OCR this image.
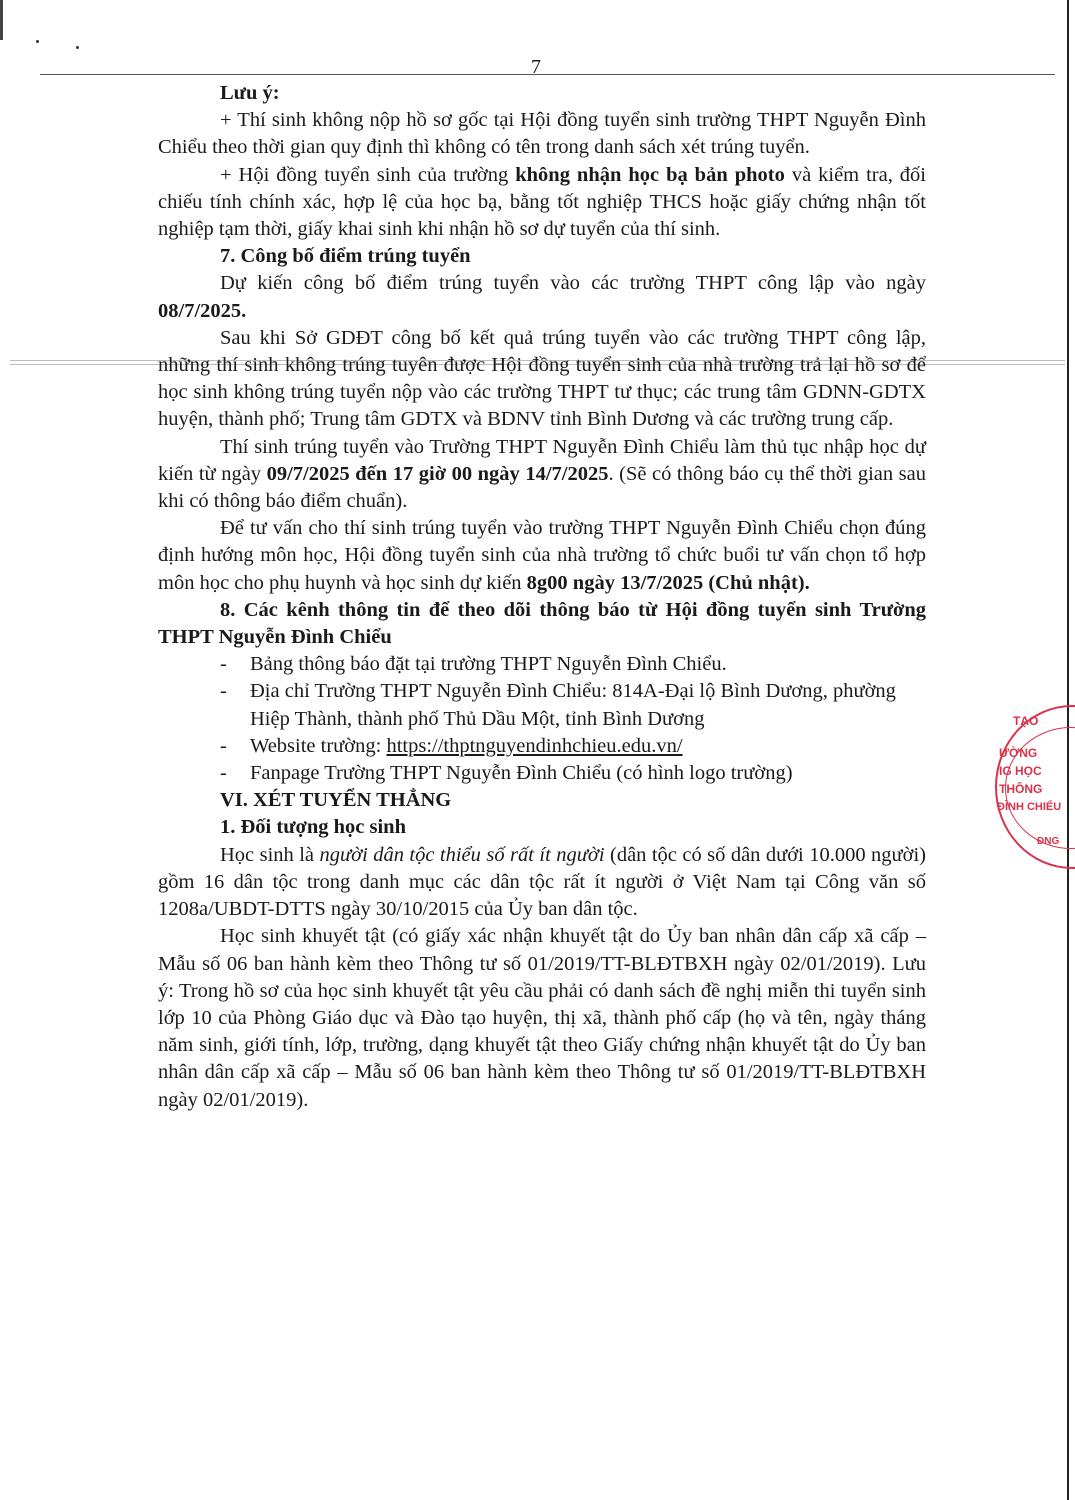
7

Lưu ý:

+ Thí sinh không nộp hồ sơ gốc tại Hội đồng tuyển sinh trường THPT Nguyễn Đình Chiểu theo thời gian quy định thì không có tên trong danh sách xét trúng tuyển.

+ Hội đồng tuyển sinh của trường không nhận học bạ bản photo và kiểm tra, đối chiếu tính chính xác, hợp lệ của học bạ, bằng tốt nghiệp THCS hoặc giấy chứng nhận tốt nghiệp tạm thời, giấy khai sinh khi nhận hồ sơ dự tuyển của thí sinh.

7. Công bố điểm trúng tuyển

Dự kiến công bố điểm trúng tuyển vào các trường THPT công lập vào ngày 08/7/2025.

Sau khi Sở GDĐT công bố kết quả trúng tuyển vào các trường THPT công lập, những thí sinh không trúng tuyên được Hội đồng tuyển sinh của nhà trường trả lại hồ sơ để học sinh không trúng tuyển nộp vào các trường THPT tư thục; các trung tâm GDNN-GDTX huyện, thành phố; Trung tâm GDTX và BDNV tỉnh Bình Dương và các trường trung cấp.

Thí sinh trúng tuyển vào Trường THPT Nguyễn Đình Chiểu làm thủ tục nhập học dự kiến từ ngày 09/7/2025 đến 17 giờ 00 ngày 14/7/2025. (Sẽ có thông báo cụ thể thời gian sau khi có thông báo điểm chuẩn).

Để tư vấn cho thí sinh trúng tuyển vào trường THPT Nguyễn Đình Chiểu chọn đúng định hướng môn học, Hội đồng tuyển sinh của nhà trường tổ chức buổi tư vấn chọn tổ hợp môn học cho phụ huynh và học sinh dự kiến 8g00 ngày 13/7/2025 (Chủ nhật).

8. Các kênh thông tin để theo dõi thông báo từ Hội đồng tuyển sinh Trường THPT Nguyễn Đình Chiểu

- Bảng thông báo đặt tại trường THPT Nguyễn Đình Chiểu.
- Địa chỉ Trường THPT Nguyễn Đình Chiểu: 814A-Đại lộ Bình Dương, phường Hiệp Thành, thành phố Thủ Dầu Một, tỉnh Bình Dương
- Website trường: https://thptnguyendinhchieu.edu.vn/
- Fanpage Trường THPT Nguyễn Đình Chiểu (có hình logo trường)

VI. XÉT TUYỂN THẲNG

1. Đối tượng học sinh

Học sinh là người dân tộc thiểu số rất ít người (dân tộc có số dân dưới 10.000 người) gồm 16 dân tộc trong danh mục các dân tộc rất ít người ở Việt Nam tại Công văn số 1208a/UBDT-DTTS ngày 30/10/2015 của Ủy ban dân tộc.

Học sinh khuyết tật (có giấy xác nhận khuyết tật do Ủy ban nhân dân cấp xã cấp – Mẫu số 06 ban hành kèm theo Thông tư số 01/2019/TT-BLĐTBXH ngày 02/01/2019). Lưu ý: Trong hồ sơ của học sinh khuyết tật yêu cầu phải có danh sách đề nghị miễn thi tuyển sinh lớp 10 của Phòng Giáo dục và Đào tạo huyện, thị xã, thành phố cấp (họ và tên, ngày tháng năm sinh, giới tính, lớp, trường, dạng khuyết tật theo Giấy chứng nhận khuyết tật do Ủy ban nhân dân cấp xã cấp – Mẫu số 06 ban hành kèm theo Thông tư số 01/2019/TT-BLĐTBXH ngày 02/01/2019).

TẠO
ƯỜNG
IG HỌC
THÔNG
ĐÌNH CHIỂU
ĐNG
